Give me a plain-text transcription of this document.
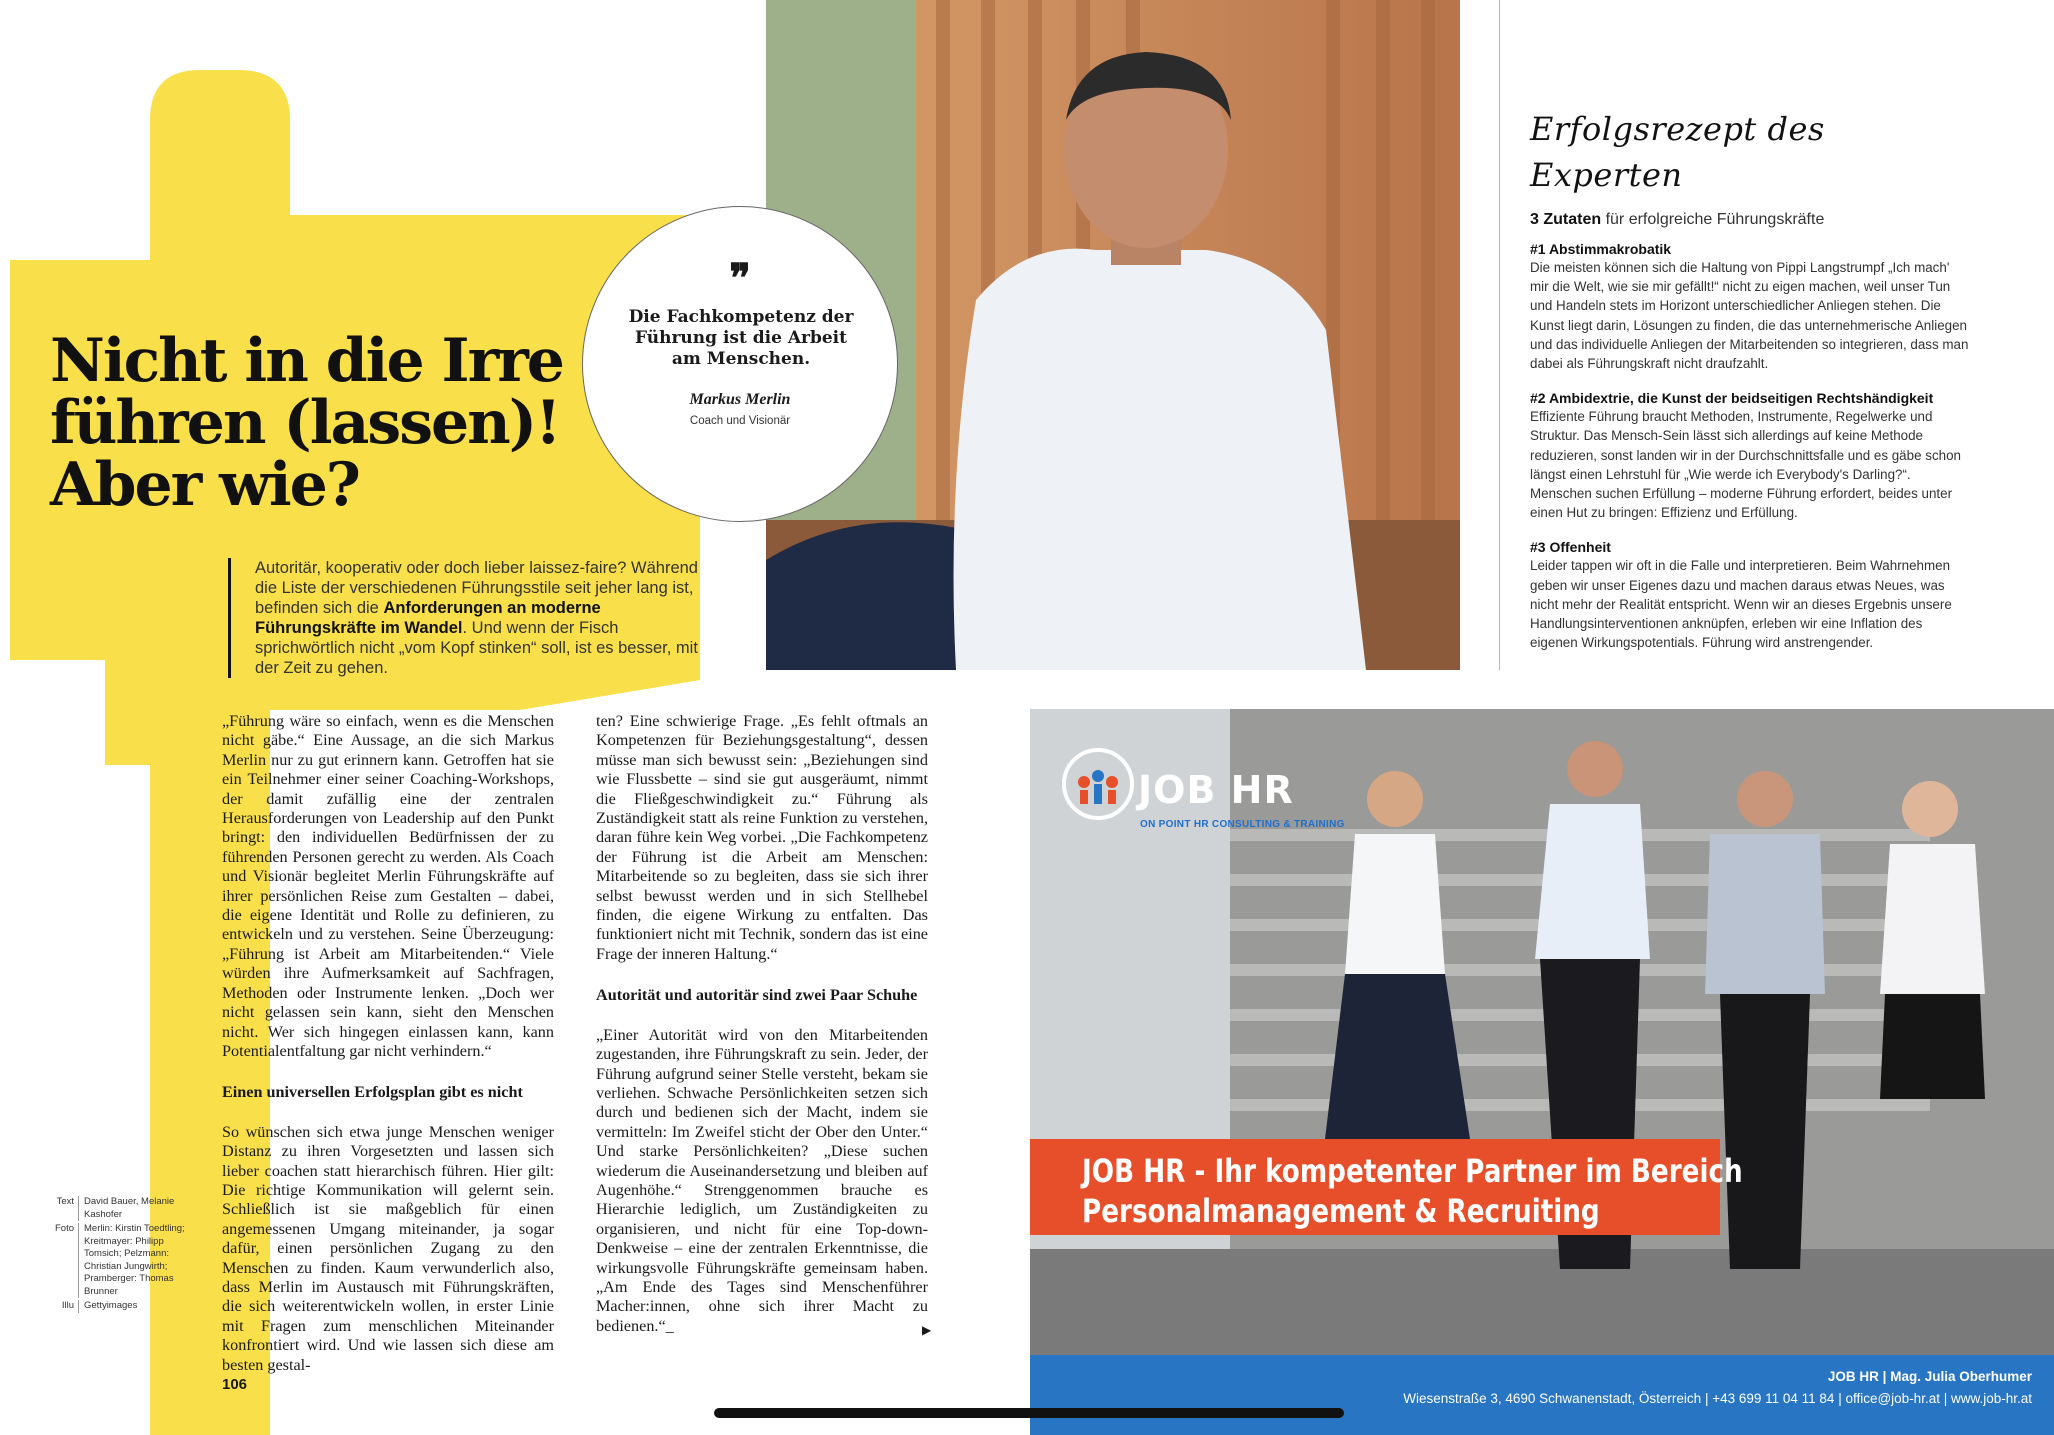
Nicht in die Irre
führen (lassen)!
Aber wie?
Autoritär, kooperativ oder doch lieber laissez-faire? Während die Liste der verschiedenen Führungsstile seit jeher lang ist, befinden sich die Anforderungen an moderne Führungskräfte im Wandel. Und wenn der Fisch sprichwörtlich nicht „vom Kopf stinken“ soll, ist es besser, mit der Zeit zu gehen.

„Führung wäre so einfach, wenn es die Menschen nicht gäbe.“ Eine Aussage, an die sich Markus Merlin nur zu gut erinnern kann. Getroffen hat sie ein Teilnehmer einer seiner Coaching-Workshops, der damit zufällig eine der zentralen Herausforderungen von Leadership auf den Punkt bringt: den individuellen Bedürfnissen der zu führenden Personen gerecht zu werden. Als Coach und Visionär begleitet Merlin Führungskräfte auf ihrer persönlichen Reise zum Gestalten – dabei, die eigene Identität und Rolle zu definieren, zu entwickeln und zu verstehen. Seine Überzeugung: „Führung ist Arbeit am Mitarbeitenden.“ Viele würden ihre Aufmerksamkeit auf Sachfragen, Methoden oder Instrumente lenken. „Doch wer nicht gelassen sein kann, sieht den Menschen nicht. Wer sich hingegen einlassen kann, kann Potentialentfaltung gar nicht verhindern.“

Einen universellen Erfolgsplan gibt es nicht

So wünschen sich etwa junge Menschen weniger Distanz zu ihren Vorgesetzten und lassen sich lieber coachen statt hierarchisch führen. Hier gilt: Die richtige Kommunikation will gelernt sein. Schließlich ist sie maßgeblich für einen angemessenen Umgang miteinander, ja sogar dafür, einen persönlichen Zugang zu den Menschen zu finden. Kaum verwunderlich also, dass Merlin im Austausch mit Führungskräften, die sich weiterentwickeln wollen, in erster Linie mit Fragen zum menschlichen Miteinander konfrontiert wird. Und wie lassen sich diese am besten gestal-

ten? Eine schwierige Frage. „Es fehlt oftmals an Kompetenzen für Beziehungsgestaltung“, dessen müsse man sich bewusst sein: „Beziehungen sind wie Flussbette – sind sie gut ausgeräumt, nimmt die Fließgeschwindigkeit zu.“ Führung als Zuständigkeit statt als reine Funktion zu verstehen, daran führe kein Weg vorbei. „Die Fachkompetenz der Führung ist die Arbeit am Menschen: Mitarbeitende so zu begleiten, dass sie sich ihrer selbst bewusst werden und in sich Stellhebel finden, die eigene Wirkung zu entfalten. Das funktioniert nicht mit Technik, sondern das ist eine Frage der inneren Haltung.“

Autorität und autoritär sind zwei Paar Schuhe

„Einer Autorität wird von den Mitarbeitenden zugestanden, ihre Führungskraft zu sein. Jeder, der Führung aufgrund seiner Stelle versteht, bekam sie verliehen. Schwache Persönlichkeiten setzen sich durch und bedienen sich der Macht, indem sie vermitteln: Im Zweifel sticht der Ober den Unter.“ Und starke Persönlichkeiten? „Diese suchen wiederum die Auseinandersetzung und bleiben auf Augenhöhe.“ Strenggenommen brauche es Hierarchie lediglich, um Zuständigkeiten zu organisieren, und nicht für eine Top-down-Denkweise – eine der zentralen Erkenntnisse, die wirkungsvolle Führungskräfte gemeinsam haben. „Am Ende des Tages sind Menschenführer Macher:innen, ohne sich ihrer Macht zu bedienen.“_	▶
Text	David Bauer, Melanie Kashofer
Foto	Merlin: Kirstin Toedtling; Kreitmayer: Philipp Tomsich; Pelzmann: Christian Jungwirth; Pramberger: Thomas Brunner
Illu	Gettyimages
106
❞
Die Fachkompetenz der Führung ist die Arbeit am Menschen.
Markus Merlin
Coach und Visionär
Erfolgsrezept des Experten
3 Zutaten für erfolgreiche Führungskräfte
#1 Abstimmakrobatik

Die meisten können sich die Haltung von Pippi Langstrumpf „Ich mach' mir die Welt, wie sie mir gefällt!“ nicht zu eigen machen, weil unser Tun und Handeln stets im Horizont unterschiedlicher Anliegen stehen. Die Kunst liegt darin, Lösungen zu finden, die das unternehmerische Anliegen und das individuelle Anliegen der Mitarbeitenden so integrieren, dass man dabei als Führungskraft nicht draufzahlt.

#2 Ambidextrie, die Kunst der beidseitigen Rechtshändigkeit

Effiziente Führung braucht Methoden, Instrumente, Regelwerke und Struktur. Das Mensch-Sein lässt sich allerdings auf keine Methode reduzieren, sonst landen wir in der Durchschnittsfalle und es gäbe schon längst einen Lehrstuhl für „Wie werde ich Everybody's Darling?“. Menschen suchen Erfüllung – moderne Führung erfordert, beides unter einen Hut zu bringen: Effizienz und Erfüllung.

#3 Offenheit

Leider tappen wir oft in die Falle und interpretieren. Beim Wahrnehmen geben wir unser Eigenes dazu und machen daraus etwas Neues, was nicht mehr der Realität entspricht. Wenn wir an dieses Ergebnis unsere Handlungsinterventionen anknüpfen, erleben wir eine Inflation des eigenen Wirkungspotentials. Führung wird anstrengender.

JOB HR
ON POINT HR CONSULTING & TRAINING
JOB HR - Ihr kompetenter Partner im Bereich
Personalmanagement & Recruiting
JOB HR | Mag. Julia Oberhumer
Wiesenstraße 3, 4690 Schwanenstadt, Österreich | +43 699 11 04 11 84 | office@job-hr.at | www.job-hr.at
